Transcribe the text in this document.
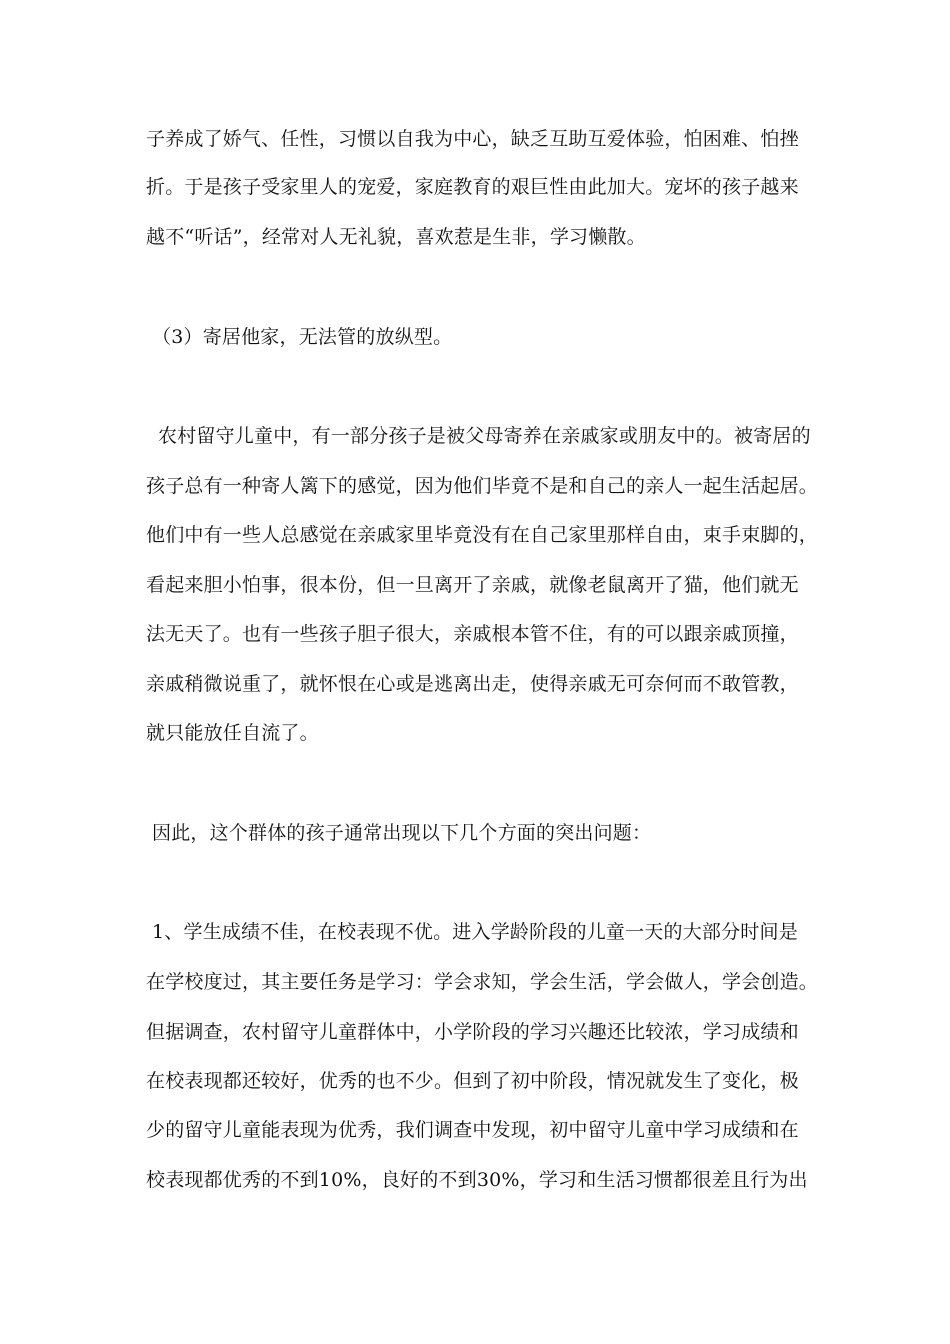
子养成了娇气、任性，习惯以自我为中心，缺乏互助互爱体验，怕困难、怕挫
折。于是孩子受家里人的宠爱，家庭教育的艰巨性由此加大。宠坏的孩子越来
越不“听话”，经常对人无礼貌，喜欢惹是生非，学习懒散。
（3）寄居他家，无法管的放纵型。
农村留守儿童中，有一部分孩子是被父母寄养在亲戚家或朋友中的。被寄居的
孩子总有一种寄人篱下的感觉，因为他们毕竟不是和自己的亲人一起生活起居。
他们中有一些人总感觉在亲戚家里毕竟没有在自己家里那样自由，束手束脚的，
看起来胆小怕事，很本份，但一旦离开了亲戚，就像老鼠离开了猫，他们就无
法无天了。也有一些孩子胆子很大，亲戚根本管不住，有的可以跟亲戚顶撞，
亲戚稍微说重了，就怀恨在心或是逃离出走，使得亲戚无可奈何而不敢管教，
就只能放任自流了。
因此，这个群体的孩子通常出现以下几个方面的突出问题：
1、学生成绩不佳，在校表现不优。进入学龄阶段的儿童一天的大部分时间是
在学校度过，其主要任务是学习：学会求知，学会生活，学会做人，学会创造。
但据调查，农村留守儿童群体中，小学阶段的学习兴趣还比较浓，学习成绩和
在校表现都还较好，优秀的也不少。但到了初中阶段，情况就发生了变化，极
少的留守儿童能表现为优秀，我们调查中发现，初中留守儿童中学习成绩和在
校表现都优秀的不到10%，良好的不到30%，学习和生活习惯都很差且行为出
